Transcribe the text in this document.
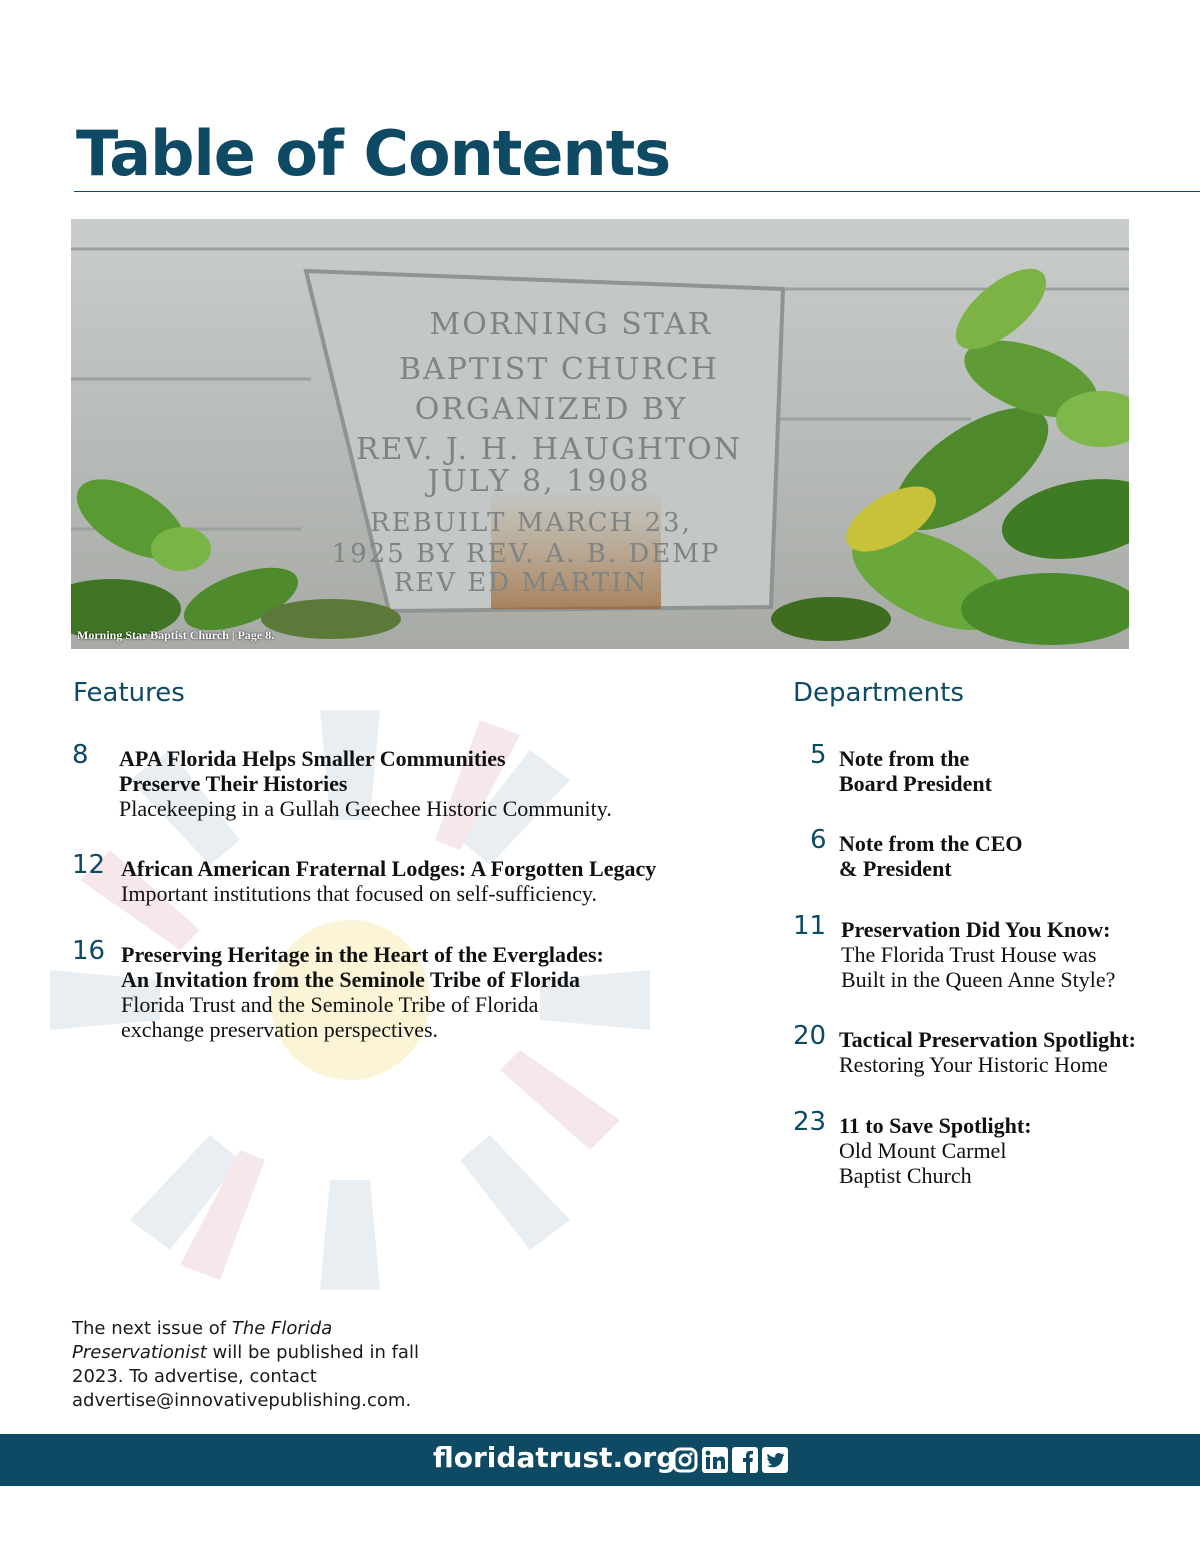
Table of Contents
MORNING STAR
BAPTIST CHURCH
ORGANIZED BY
REV. J. H. HAUGHTON
JULY 8, 1908
REBUILT MARCH 23,
1925 BY REV. A. B. DEMP
REV ED MARTIN
Morning Star Baptist Church | Page 8.
Features	Departments
8 APA Florida Helps Smaller Communities
Preserve Their Histories
Placekeeping in a Gullah Geechee Historic Community.
12 African American Fraternal Lodges: A Forgotten Legacy
Important institutions that focused on self-sufficiency.
16 Preserving Heritage in the Heart of the Everglades:
An Invitation from the Seminole Tribe of Florida
Florida Trust and the Seminole Tribe of Florida
exchange preservation perspectives.
5 Note from the
Board President
6 Note from the CEO
& President
11 Preservation Did You Know:
The Florida Trust House was
Built in the Queen Anne Style?
20 Tactical Preservation Spotlight:
Restoring Your Historic Home
23 11 to Save Spotlight:
Old Mount Carmel
Baptist Church
The next issue of The Florida Preservationist will be published in fall 2023. To advertise, contact advertise@innovativepublishing.com.
floridatrust.org
